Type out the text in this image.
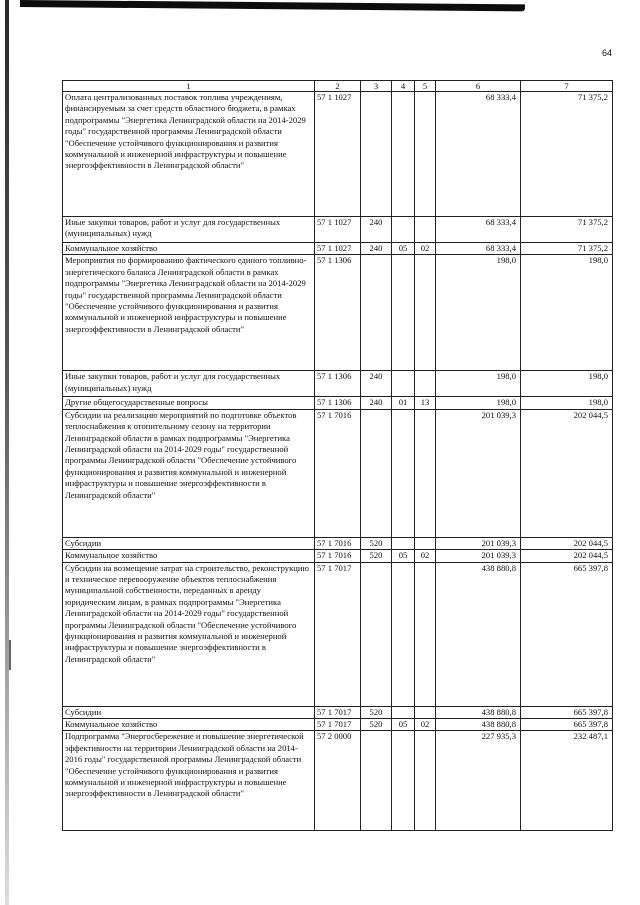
64
1	2	3	4	5	6	7
Оплата централизованных поставок топлива учреждениям, финансируемым за счет средств областного бюджета, в рамках подпрограммы "Энергетика Ленинградской области на 2014-2029 годы" государственной программы Ленинградской области "Обеспечение устойчивого функционирования и развития коммунальной и инженерной инфраструктуры и повышение энергоэффективности в Ленинградской области"	57 1 1027				68 333,4	71 375,2
Иные закупки товаров, работ и услуг для государственных (муниципальных) нужд	57 1 1027	240			68 333,4	71 375,2
Коммунальное хозяйство	57 1 1027	240	05	02	68 333,4	71 375,2
Мероприятия по формированию фактического единого топливно-энергетического баланса Ленинградской области в рамках подпрограммы "Энергетика Ленинградской области на 2014-2029 годы" государственной программы Ленинградской области "Обеспечение устойчивого функционирования и развития коммунальной и инженерной инфраструктуры и повышение энергоэффективности в Ленинградской области"	57 1 1306				198,0	198,0
Иные закупки товаров, работ и услуг для государственных (муниципальных) нужд	57 1 1306	240			198,0	198,0
Другие общегосударственные вопросы	57 1 1306	240	01	13	198,0	198,0
Субсидии на реализацию мероприятий по подготовке объектов теплоснабжения к отопительному сезону на территории Ленинградской области в рамках подпрограммы "Энергетика Ленинградской области на 2014-2029 годы" государственной программы Ленинградской области "Обеспечение устойчивого функционирования и развития коммунальной и инженерной инфраструктуры и повышение энергоэффективности в Ленинградской области"	57 1 7016				201 039,3	202 044,5
Субсидии	57 1 7016	520			201 039,3	202 044,5
Коммунальное хозяйство	57 1 7016	520	05	02	201 039,3	202 044,5
Субсидии на возмещение затрат на строительство, реконструкцию и техническое перевооружение объектов теплоснабжения муниципальной собственности, переданных в аренду юридическим лицам, в рамках подпрограммы "Энергетика Ленинградской области на 2014-2029 годы" государственной программы Ленинградской области "Обеспечение устойчивого функционирования и развития коммунальной и инженерной инфраструктуры и повышение энергоэффективности в Ленинградской области"	57 1 7017				438 880,8	665 397,8
Субсидии	57 1 7017	520			438 880,8	665 397,8
Коммунальное хозяйство	57 1 7017	520	05	02	438 880,8	665 397,8
Подпрограмма "Энергосбережение и повышение энергетической эффективности на территории Ленинградской области на 2014-2016 годы" государственной программы Ленинградской области "Обеспечение устойчивого функционирования и развития коммунальной и инженерной инфраструктуры и повышение энергоэффективности в Ленинградской области"	57 2 0000				227 935,3	232 487,1
